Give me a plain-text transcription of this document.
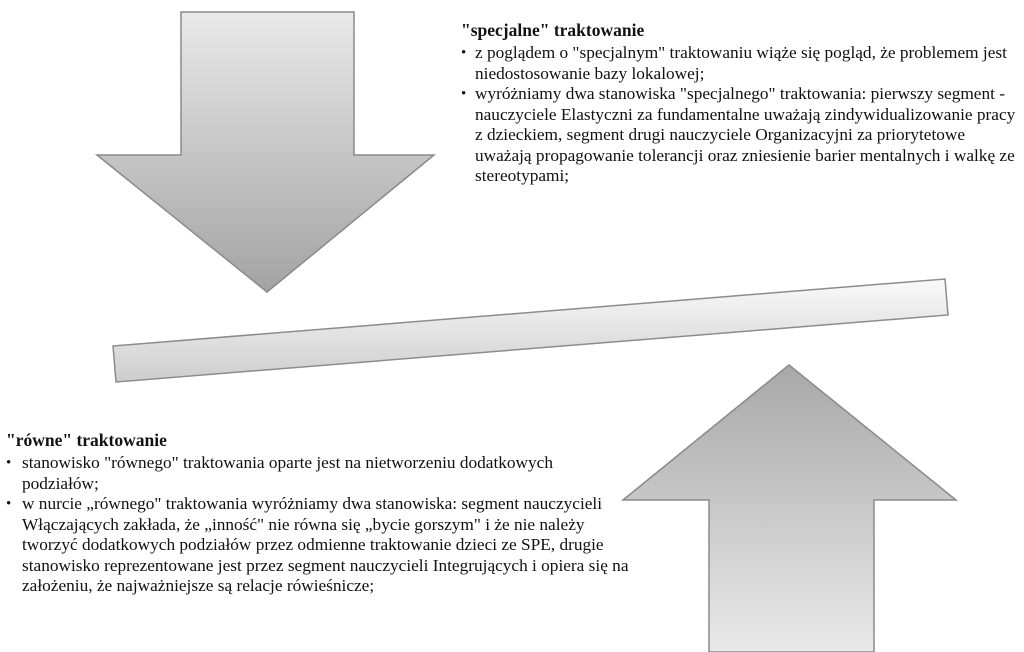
"specjalne" traktowanie
• z poglądem o "specjalnym" traktowaniu wiąże się pogląd, że problemem jest niedostosowanie bazy lokalowej;
• wyróżniamy dwa stanowiska "specjalnego" traktowania: pierwszy segment - nauczyciele Elastyczni za fundamentalne uważają zindywidualizowanie pracy z dzieckiem, segment drugi nauczyciele Organizacyjni za priorytetowe uważają propagowanie tolerancji oraz zniesienie barier mentalnych i walkę ze stereotypami;
"równe" traktowanie
• stanowisko "równego" traktowania oparte jest na nietworzeniu dodatkowych podziałów;
• w nurcie „równego" traktowania wyróżniamy dwa stanowiska: segment nauczycieli Włączających zakłada, że „inność" nie równa się „bycie gorszym" i że nie należy tworzyć dodatkowych podziałów przez odmienne traktowanie dzieci ze SPE, drugie stanowisko reprezentowane jest przez segment nauczycieli Integrujących i opiera się na założeniu, że najważniejsze są relacje rówieśnicze;
